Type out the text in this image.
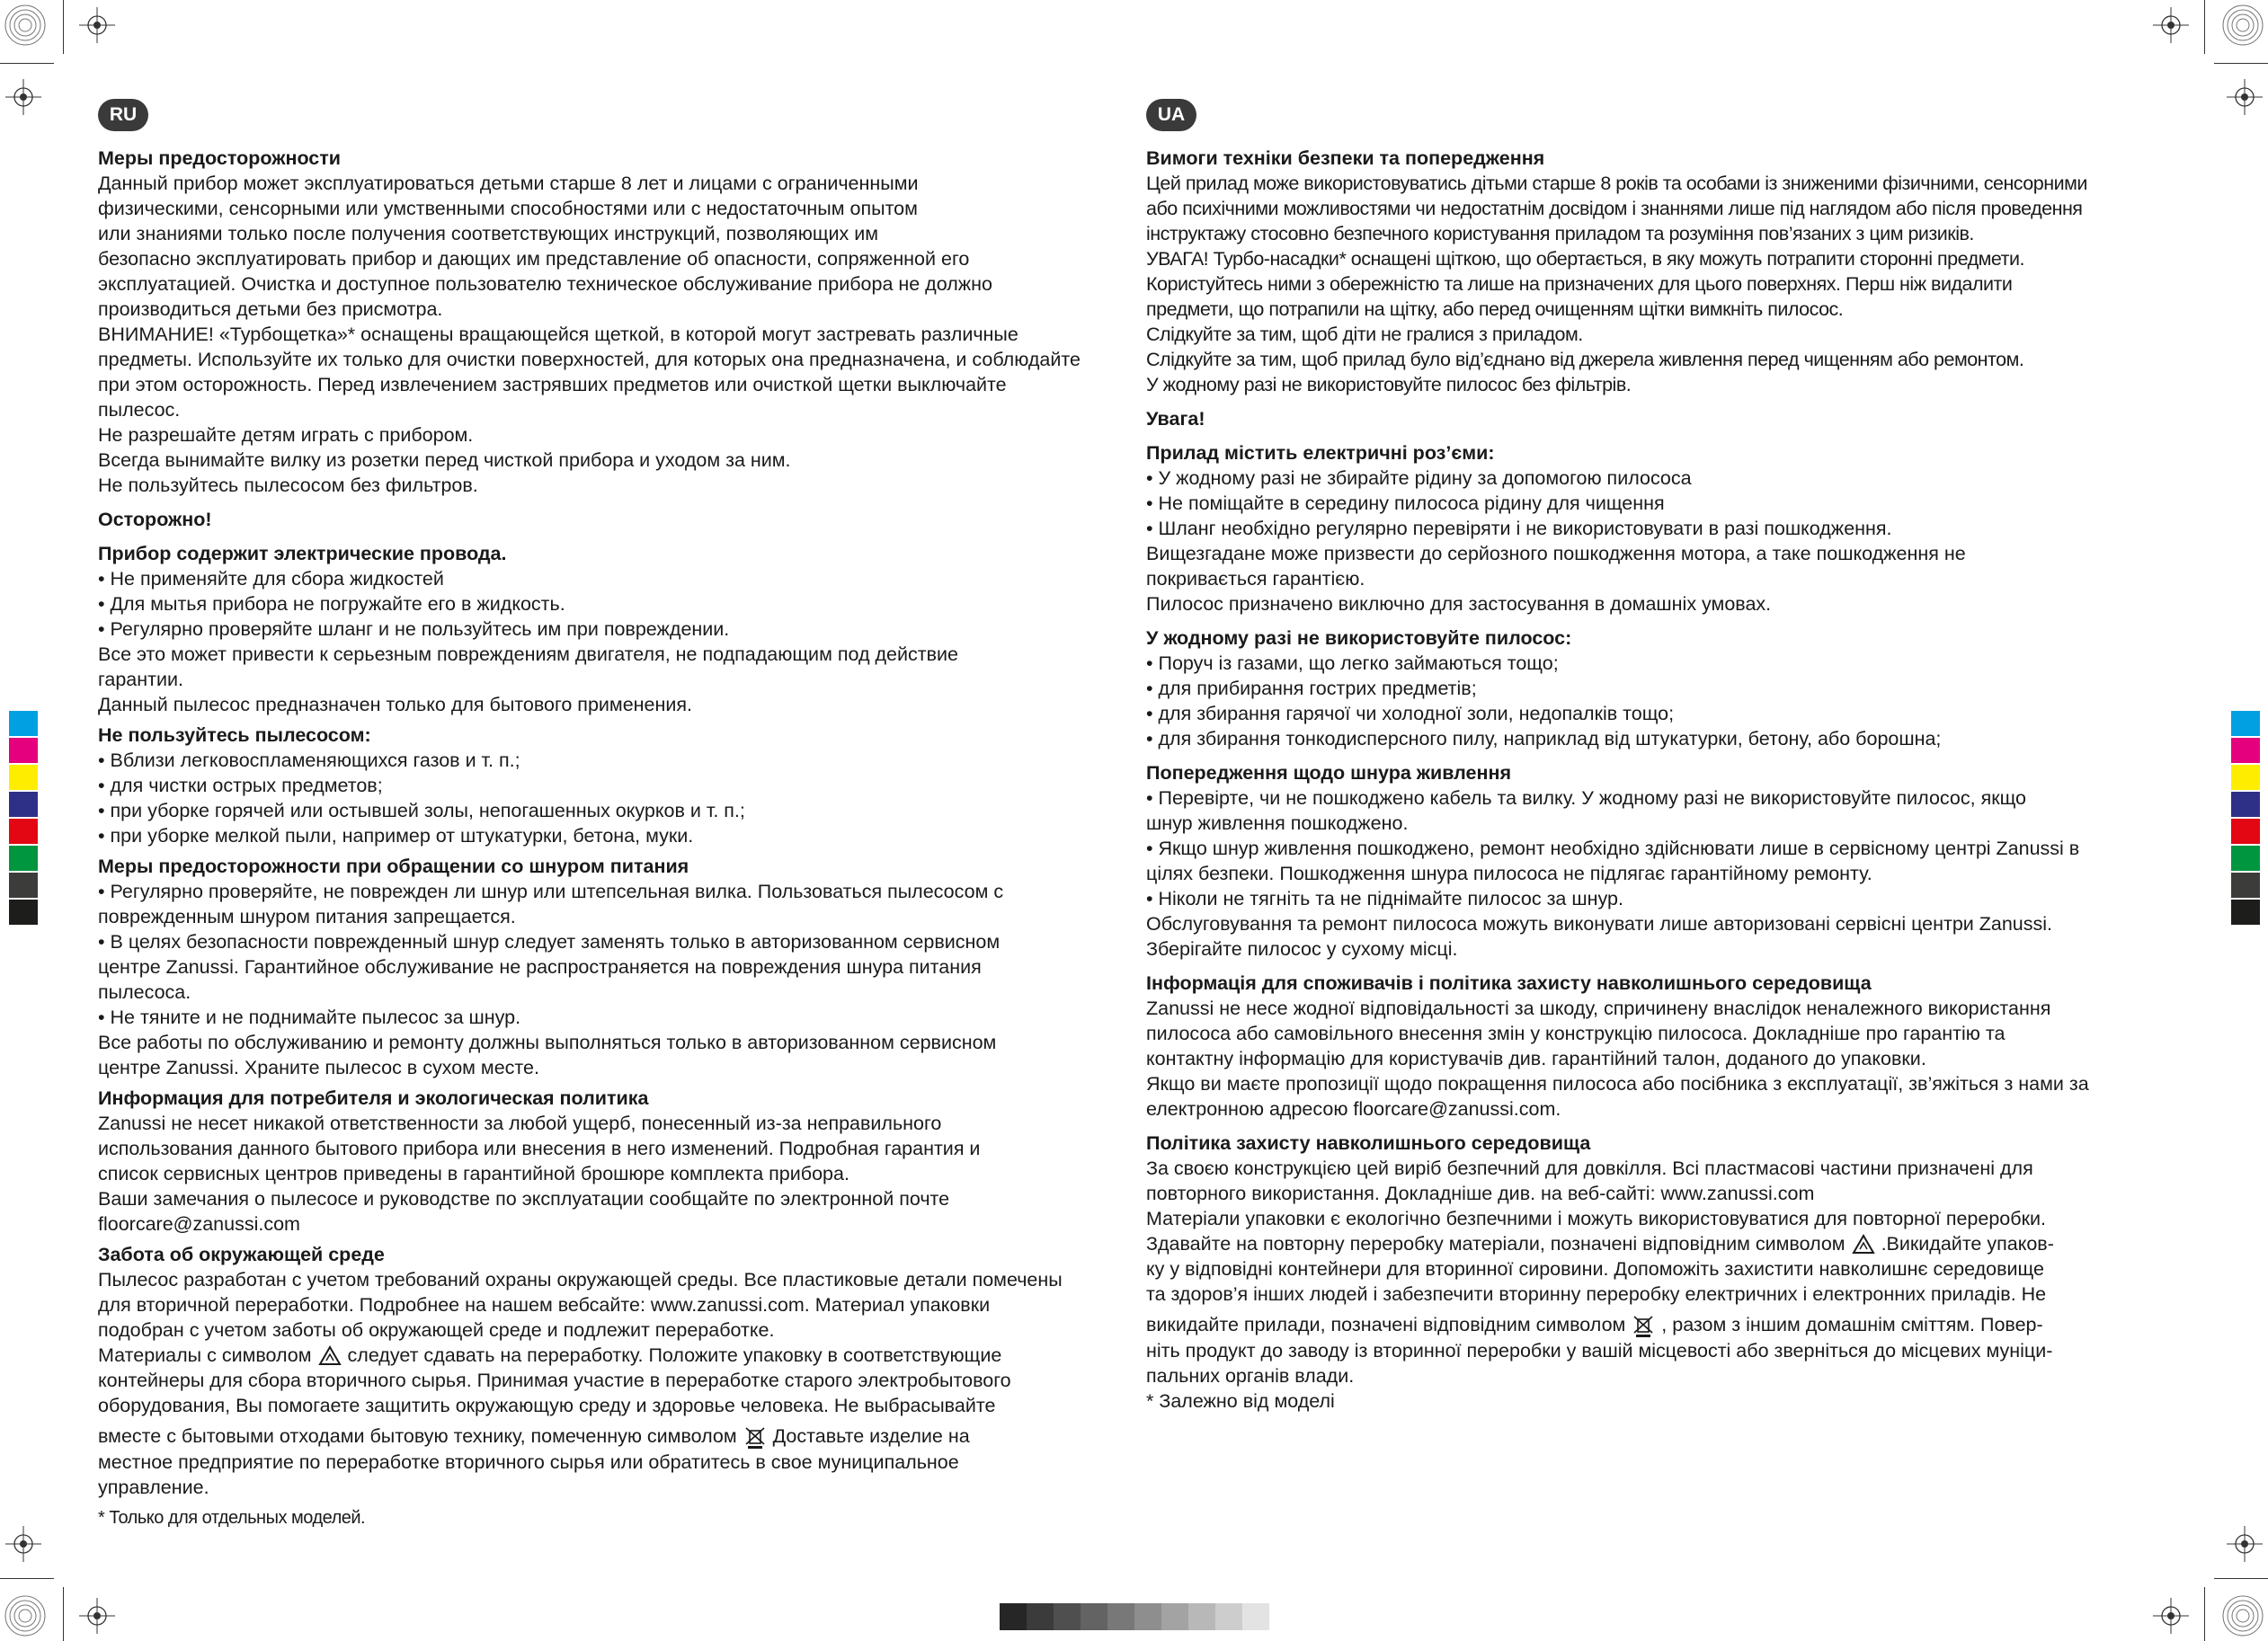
RU
Меры предосторожности

Данный прибор может эксплуатироваться детьми старше 8 лет и лицами с ограниченными

физическими, сенсорными или умственными способностями или с недостаточным опытом

или знаниями только после получения соответствующих инструкций, позволяющих им

безопасно эксплуатировать прибор и дающих им представление об опасности, сопряженной его

эксплуатацией. Очистка и доступное пользователю техническое обслуживание прибора не должно

производиться детьми без присмотра.

ВНИМАНИЕ! «Турбощетка»* оснащены вращающейся щеткой, в которой могут застревать различные

предметы. Используйте их только для очистки поверхностей, для которых она предназначена, и соблюдайте

при этом осторожность. Перед извлечением застрявших предметов или очисткой щетки выключайте

пылесос.

Не разрешайте детям играть с прибором.

Всегда вынимайте вилку из розетки перед чисткой прибора и уходом за ним.

Не пользуйтесь пылесосом без фильтров.

Осторожно!
Прибор содержит электрические провода.

• Не применяйте для сбора жидкостей

• Для мытья прибора не погружайте его в жидкость.

• Регулярно проверяйте шланг и не пользуйтесь им при повреждении.

Все это может привести к серьезным повреждениям двигателя, не подпадающим под действие

гарантии.

Данный пылесос предназначен только для бытового применения.

Не пользуйтесь пылесосом:

• Вблизи легковоспламеняющихся газов и т. п.;

• для чистки острых предметов;

• при уборке горячей или остывшей золы, непогашенных окурков и т. п.;

• при уборке мелкой пыли, например от штукатурки, бетона, муки.

Меры предосторожности при обращении со шнуром питания

• Регулярно проверяйте, не поврежден ли шнур или штепсельная вилка. Пользоваться пылесосом с

поврежденным шнуром питания запрещается.

• В целях безопасности поврежденный шнур следует заменять только в авторизованном сервисном

центре Zanussi. Гарантийное обслуживание не распространяется на повреждения шнура питания

пылесоса.

• Не тяните и не поднимайте пылесос за шнур.

Все работы по обслуживанию и ремонту должны выполняться только в авторизованном сервисном

центре Zanussi. Храните пылесос в сухом месте.

Информация для потребителя и экологическая политика

Zanussi не несет никакой ответственности за любой ущерб, понесенный из-за неправильного

использования данного бытового прибора или внесения в него изменений. Подробная гарантия и

список сервисных центров приведены в гарантийной брошюре комплекта прибора.

Ваши замечания о пылесосе и руководстве по эксплуатации сообщайте по электронной почте

floorcare@zanussi.com

Забота об окружающей среде

Пылесос разработан с учетом требований охраны окружающей среды. Все пластиковые детали помечены

для вторичной переработки. Подробнее на нашем вебсайте: www.zanussi.com. Материал упаковки

подобран с учетом заботы об окружающей среде и подлежит переработке.

Материалы с символом следует сдавать на переработку. Положите упаковку в соответствующие

контейнеры для сбора вторичного сырья. Принимая участие в переработке старого электробытового

оборудования, Вы помогаете защитить окружающую среду и здоровье человека. Не выбрасывайте

вместе с бытовыми отходами бытовую технику, помеченную символом Доставьте изделие на

местное предприятие по переработке вторичного сырья или обратитесь в свое муниципальное

управление.

* Только для отдельных моделей.

UA
Вимоги техніки безпеки та попередження

Цей прилад може використовуватись дітьми старше 8 років та особами із зниженими фізичними, сенсорними

або психічними можливостями чи недостатнім досвідом і знаннями лише під наглядом або після проведення

інструктажу стосовно безпечного користування приладом та розуміння пов’язаних з цим ризиків.

УВАГА! Турбо-насадки* оснащені щіткою, що обертається, в яку можуть потрапити сторонні предмети.

Користуйтесь ними з обережністю та лише на призначених для цього поверхнях. Перш ніж видалити

предмети, що потрапили на щітку, або перед очищенням щітки вимкніть пилосос.

Слідкуйте за тим, щоб діти не гралися з приладом.

Слідкуйте за тим, щоб прилад було від’єднано від джерела живлення перед чищенням або ремонтом.

У жодному разі не використовуйте пилосос без фільтрів.

Увага!
Прилад містить електричні роз’єми:

• У жодному разі не збирайте рідину за допомогою пилососа

• Не поміщайте в середину пилососа рідину для чищення

• Шланг необхідно регулярно перевіряти і не використовувати в разі пошкодження.

Вищезгадане може призвести до серйозного пошкодження мотора, а таке пошкодження не

покривається гарантією.

Пилосос призначено виключно для застосування в домашніх умовах.

У жодному разі не використовуйте пилосос:

• Поруч із газами, що легко займаються тощо;

• для прибирання гострих предметів;

• для збирання гарячої чи холодної золи, недопалків тощо;

• для збирання тонкодисперсного пилу, наприклад від штукатурки, бетону, або борошна;

Попередження щодо шнура живлення

• Перевірте, чи не пошкоджено кабель та вилку. У жодному разі не використовуйте пилосос, якщо

шнур живлення пошкоджено.

• Якщо шнур живлення пошкоджено, ремонт необхідно здійснювати лише в сервісному центрі Zanussi в

цілях безпеки. Пошкодження шнура пилососа не підлягає гарантійному ремонту.

• Ніколи не тягніть та не піднімайте пилосос за шнур.

Обслуговування та ремонт пилососа можуть виконувати лише авторизовані сервісні центри Zanussi.

Зберігайте пилосос у сухому місці.

Інформація для споживачів і політика захисту навколишнього середовища

Zanussi не несе жодної відповідальності за шкоду, спричинену внаслідок неналежного використання

пилососа або самовільного внесення змін у конструкцію пилососа. Докладніше про гарантію та

контактну інформацію для користувачів див. гарантійний талон, доданого до упаковки.

Якщо ви маєте пропозиції щодо покращення пилососа або посібника з експлуатації, зв’яжіться з нами за

електронною адресою floorcare@zanussi.com.

Політика захисту навколишнього середовища

За своєю конструкцією цей виріб безпечний для довкілля. Всі пластмасові частини призначені для

повторного використання. Докладніше див. на веб-сайті: www.zanussi.com

Матеріали упаковки є екологічно безпечними і можуть використовуватися для повторної переробки.

Здавайте на повторну переробку матеріали, позначені відповідним символом .Викидайте упаков-

ку у відповідні контейнери для вторинної сировини. Допоможіть захистити навколишнє середовище

та здоров’я інших людей і забезпечити вторинну переробку електричних і електронних приладів. Не

викидайте прилади, позначені відповідним символом , разом з іншим домашнім сміттям. Повер-

ніть продукт до заводу із вторинної переробки у вашій місцевості або зверніться до місцевих муніци-

пальних органів влади.

* Залежно від моделі
